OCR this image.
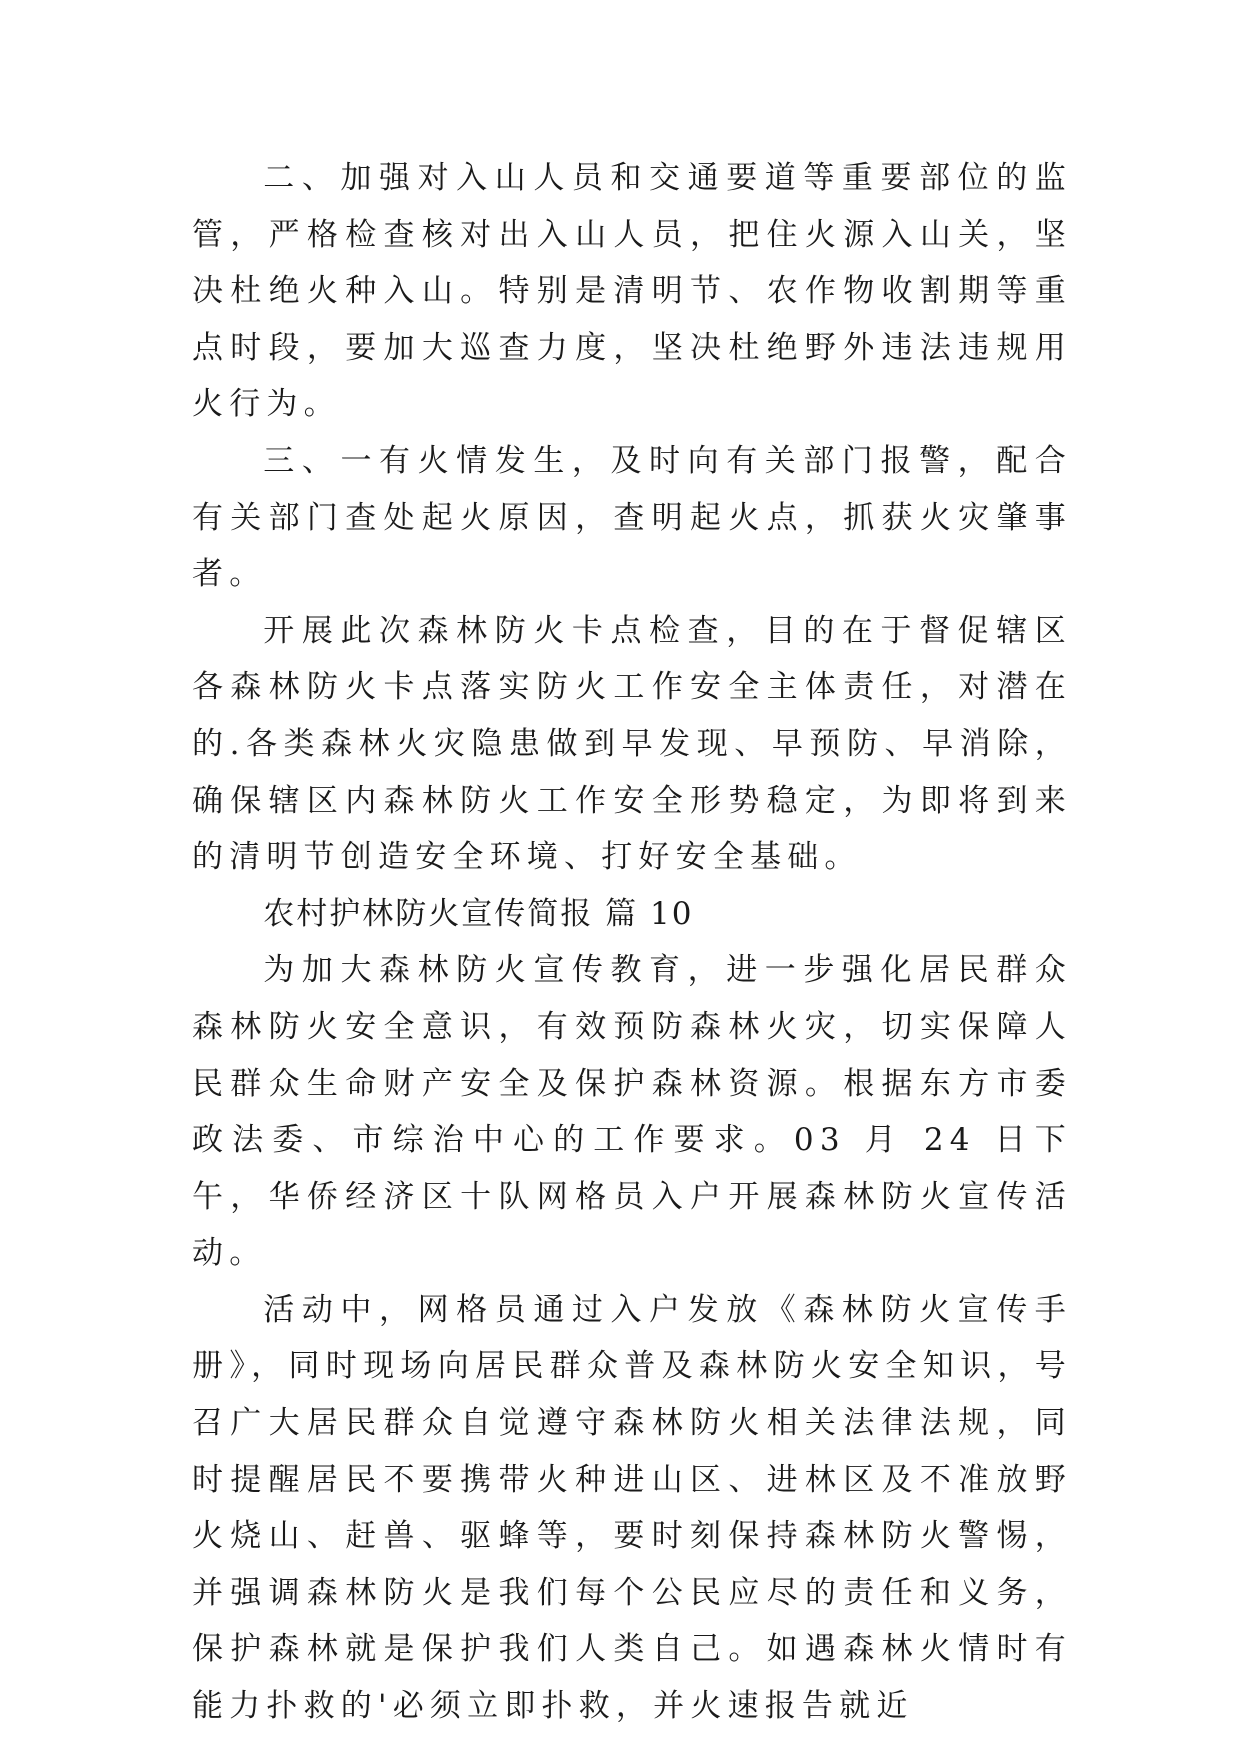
二、加强对入山人员和交通要道等重要部位的监管，严格检查核对出入山人员，把住火源入山关，坚决杜绝火种入山。特别是清明节、农作物收割期等重点时段，要加大巡查力度，坚决杜绝野外违法违规用火行为。

三、一有火情发生，及时向有关部门报警，配合有关部门查处起火原因，查明起火点，抓获火灾肇事者。

开展此次森林防火卡点检查，目的在于督促辖区各森林防火卡点落实防火工作安全主体责任，对潜在的.各类森林火灾隐患做到早发现、早预防、早消除，确保辖区内森林防火工作安全形势稳定，为即将到来的清明节创造安全环境、打好安全基础。

农村护林防火宣传简报 篇 10

为加大森林防火宣传教育，进一步强化居民群众森林防火安全意识，有效预防森林火灾，切实保障人民群众生命财产安全及保护森林资源。根据东方市委政法委、市综治中心的工作要求。03 月 24 日下午，华侨经济区十队网格员入户开展森林防火宣传活动。

活动中，网格员通过入户发放《森林防火宣传手册》，同时现场向居民群众普及森林防火安全知识，号召广大居民群众自觉遵守森林防火相关法律法规，同时提醒居民不要携带火种进山区、进林区及不准放野火烧山、赶兽、驱蜂等，要时刻保持森林防火警惕，并强调森林防火是我们每个公民应尽的责任和义务，保护森林就是保护我们人类自己。如遇森林火情时有能力扑救的'必须立即扑救，并火速报告就近
